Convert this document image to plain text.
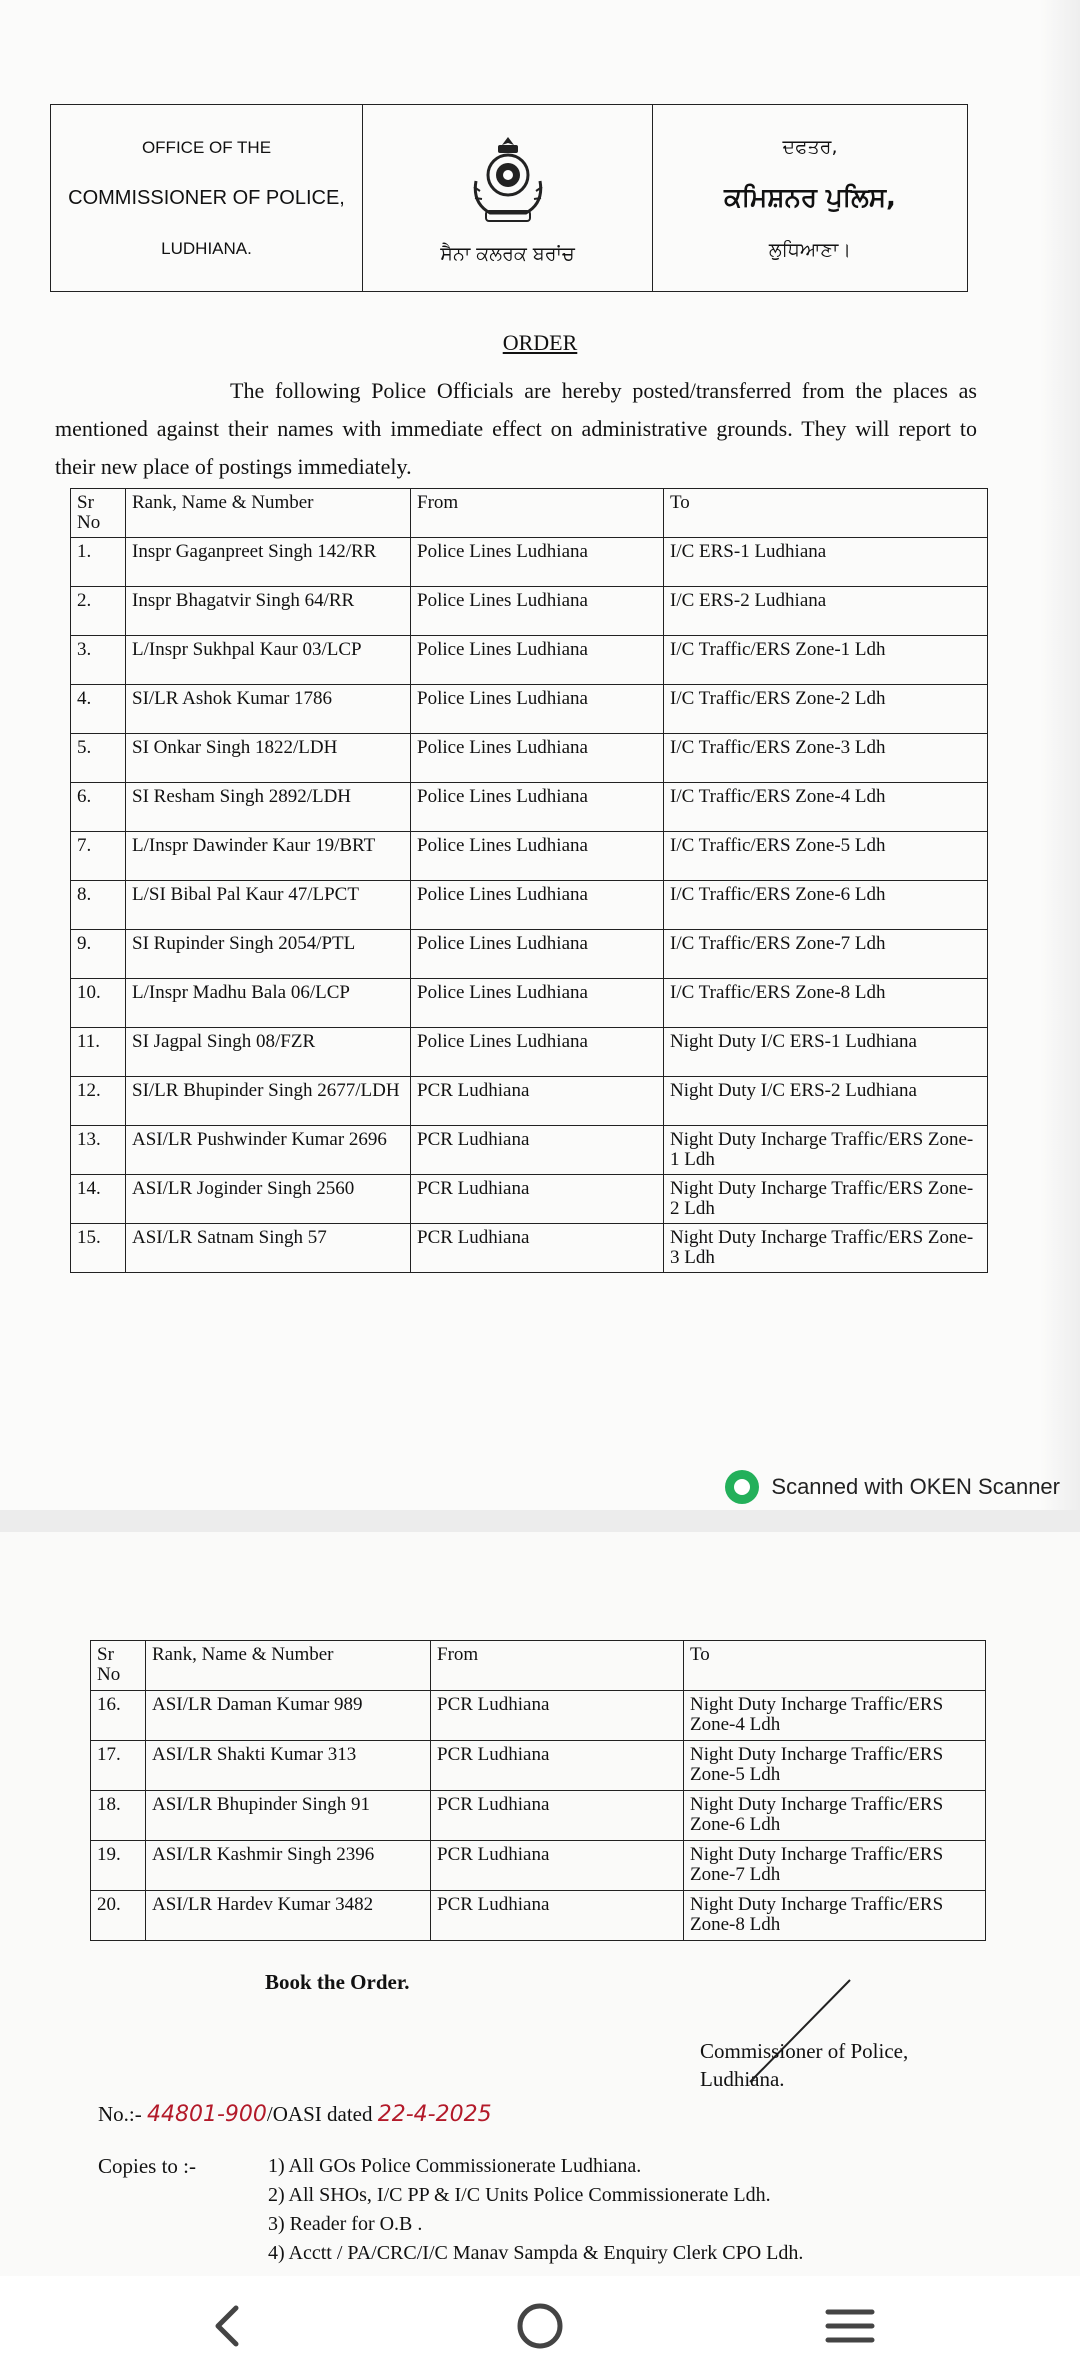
OFFICE OF THE
COMMISSIONER OF POLICE,
LUDHIANA.	ਸੈਨਾ ਕਲਰਕ ਬਰਾਂਚ
ਦਫਤਰ,
ਕਮਿਸ਼ਨਰ ਪੁਲਿਸ,
ਲੁਧਿਆਣਾ।
ORDER
The following Police Officials are hereby posted/transferred from the places as mentioned against their names with immediate effect on administrative grounds. They will report to their new place of postings immediately.
Sr No	Rank, Name & Number	From	To
1.	Inspr Gaganpreet Singh 142/RR	Police Lines Ludhiana	I/C ERS-1 Ludhiana
2.	Inspr Bhagatvir Singh 64/RR	Police Lines Ludhiana	I/C ERS-2 Ludhiana
3.	L/Inspr Sukhpal Kaur 03/LCP	Police Lines Ludhiana	I/C Traffic/ERS Zone-1 Ldh
4.	SI/LR Ashok Kumar 1786	Police Lines Ludhiana	I/C Traffic/ERS Zone-2 Ldh
5.	SI Onkar Singh 1822/LDH	Police Lines Ludhiana	I/C Traffic/ERS Zone-3 Ldh
6.	SI Resham Singh 2892/LDH	Police Lines Ludhiana	I/C Traffic/ERS Zone-4 Ldh
7.	L/Inspr Dawinder Kaur 19/BRT	Police Lines Ludhiana	I/C Traffic/ERS Zone-5 Ldh
8.	L/SI Bibal Pal Kaur 47/LPCT	Police Lines Ludhiana	I/C Traffic/ERS Zone-6 Ldh
9.	SI Rupinder Singh 2054/PTL	Police Lines Ludhiana	I/C Traffic/ERS Zone-7 Ldh
10.	L/Inspr Madhu Bala 06/LCP	Police Lines Ludhiana	I/C Traffic/ERS Zone-8 Ldh
11.	SI Jagpal Singh 08/FZR	Police Lines Ludhiana	Night Duty I/C ERS-1 Ludhiana
12.	SI/LR Bhupinder Singh 2677/LDH	PCR Ludhiana	Night Duty I/C ERS-2 Ludhiana
13.	ASI/LR Pushwinder Kumar 2696	PCR Ludhiana	Night Duty Incharge Traffic/ERS Zone-1 Ldh
14.	ASI/LR Joginder Singh 2560	PCR Ludhiana	Night Duty Incharge Traffic/ERS Zone-2 Ldh
15.	ASI/LR Satnam Singh 57	PCR Ludhiana	Night Duty Incharge Traffic/ERS Zone-3 Ldh
Scanned with OKEN Scanner
Sr No	Rank, Name & Number	From	To
16.	ASI/LR Daman Kumar 989	PCR Ludhiana	Night Duty Incharge Traffic/ERS Zone-4 Ldh
17.	ASI/LR Shakti Kumar 313	PCR Ludhiana	Night Duty Incharge Traffic/ERS Zone-5 Ldh
18.	ASI/LR Bhupinder Singh 91	PCR Ludhiana	Night Duty Incharge Traffic/ERS Zone-6 Ldh
19.	ASI/LR Kashmir Singh 2396	PCR Ludhiana	Night Duty Incharge Traffic/ERS Zone-7 Ldh
20.	ASI/LR Hardev Kumar 3482	PCR Ludhiana	Night Duty Incharge Traffic/ERS Zone-8 Ldh
Book the Order.
Commissioner of Police,
Ludhiana.
No.:- 44801-900/OASI dated 22-4-2025
Copies to :-	1) All GOs Police Commissionerate Ludhiana.
2) All SHOs, I/C PP & I/C Units Police Commissionerate Ldh.
3) Reader for O.B .
4) Acctt / PA/CRC/I/C Manav Sampda & Enquiry Clerk CPO Ldh.
